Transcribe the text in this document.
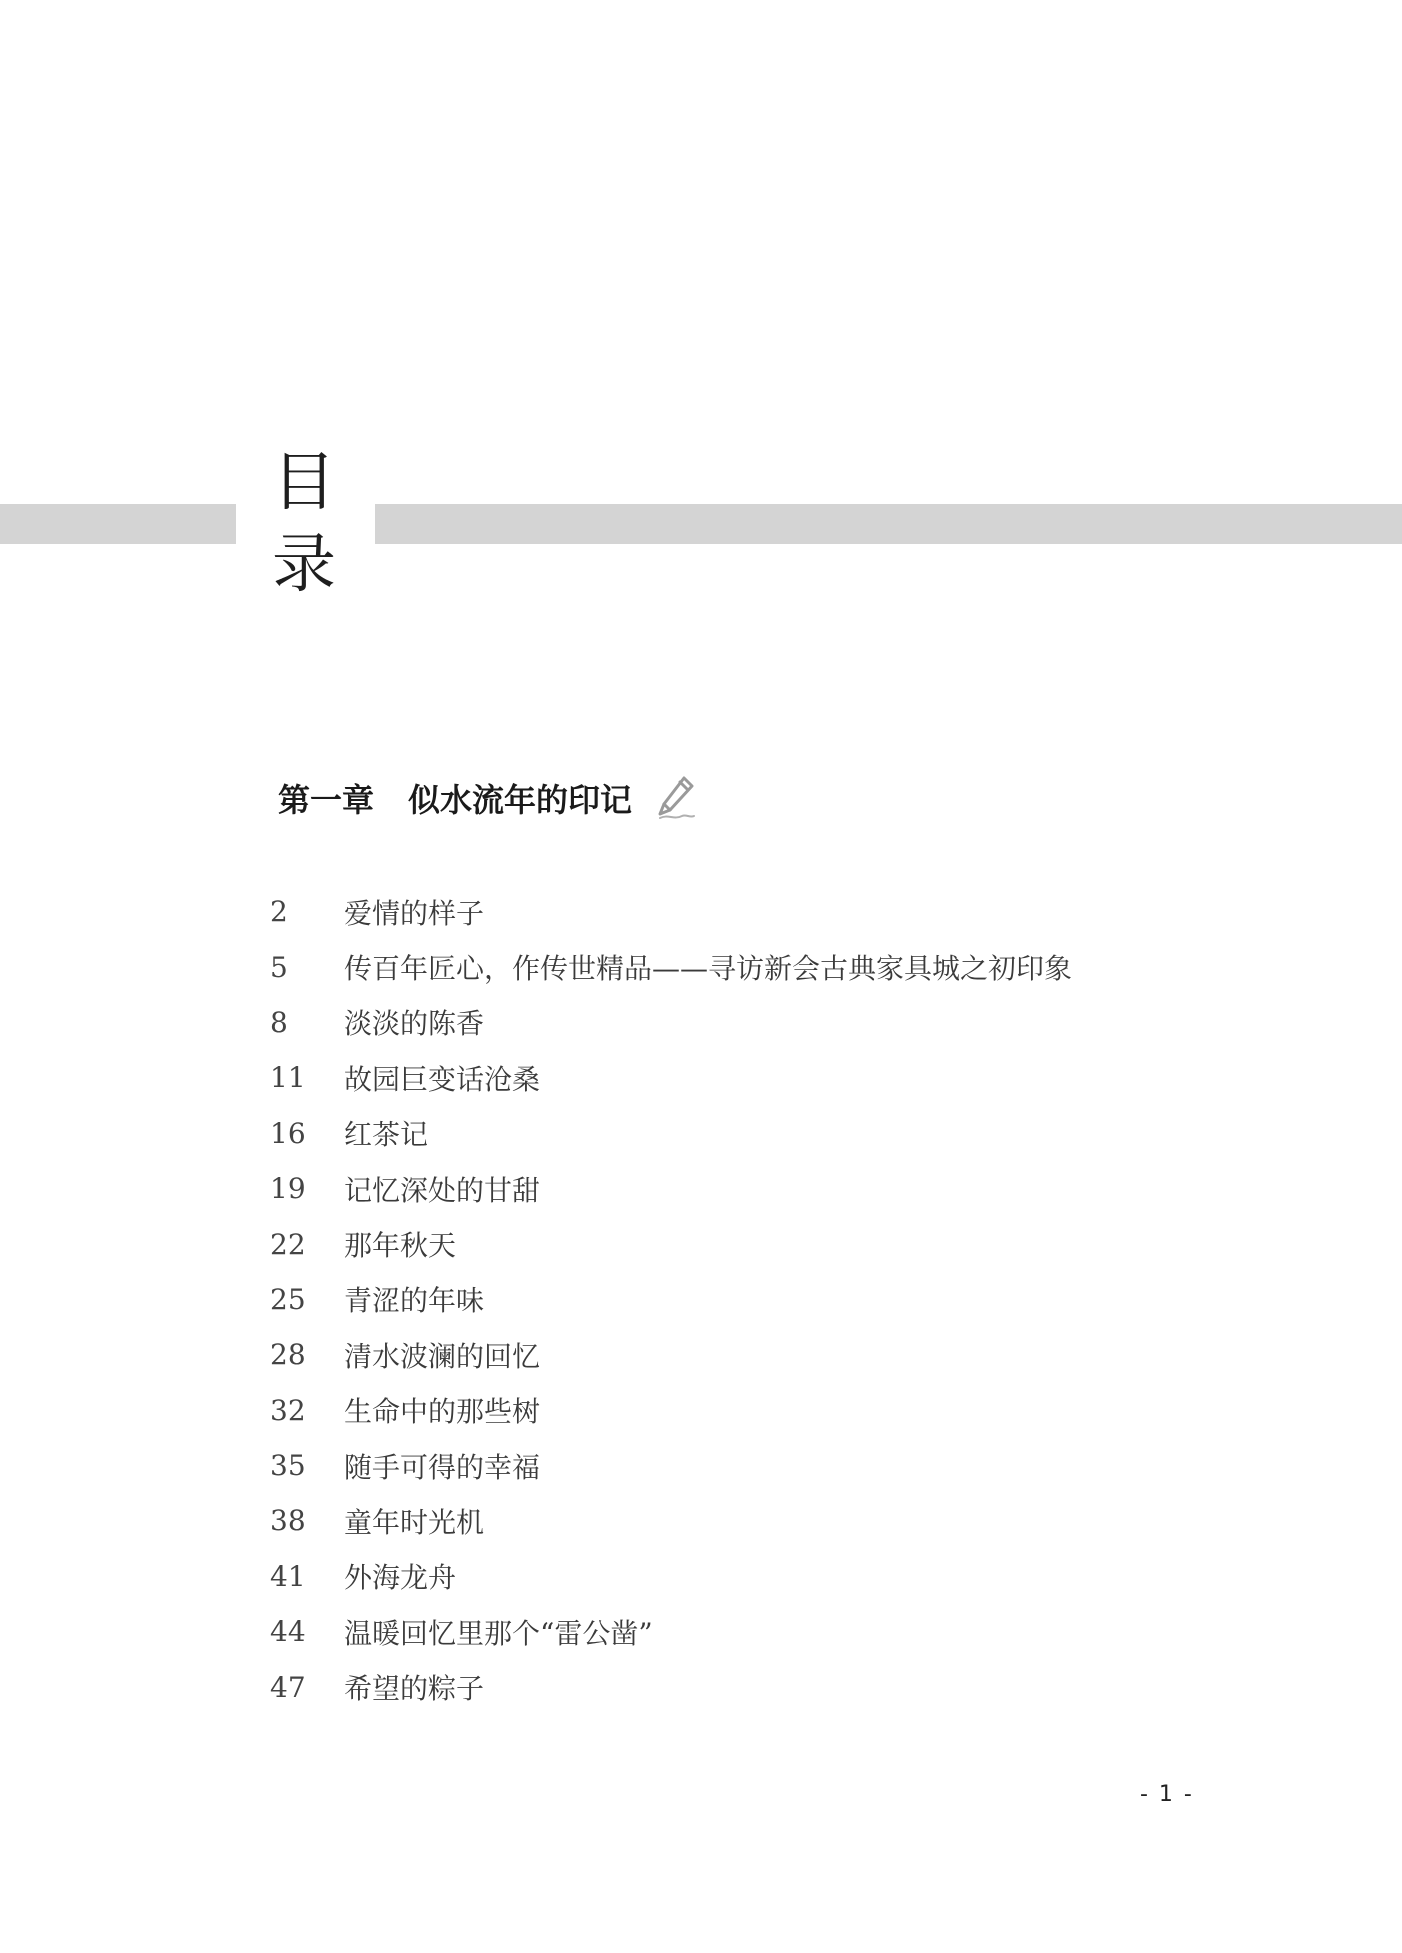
目
录
第一章 似水流年的印记
2	爱情的样子
5	传百年匠心，作传世精品——寻访新会古典家具城之初印象
8	淡淡的陈香
11	故园巨变话沧桑
16	红茶记
19	记忆深处的甘甜
22	那年秋天
25	青涩的年味
28	清水波澜的回忆
32	生命中的那些树
35	随手可得的幸福
38	童年时光机
41	外海龙舟
44	温暖回忆里那个“雷公凿”
47	希望的粽子
- 1 -
